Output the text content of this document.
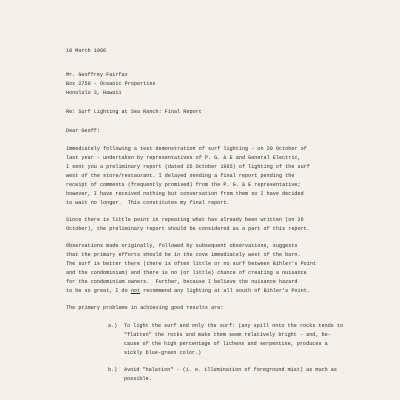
10 March 1966
Mr. Geoffrey Fairfax
Box 2750 - Oceanic Properties
Honolulu 3, Hawaii
Re: Surf Lighting at Sea Ranch: Final Report
Dear Geoff:
Immediately following a test demonstration of surf lighting - on 20 October of
last year - undertaken by representatives of P. G. & E and General Electric,
I sent you a preliminary report (dated 26 October 1965) of lighting of the surf
west of the store/restaurant. I delayed sending a final report pending the
receipt of comments (frequently promised) from the P. G. & E representative;
however, I have received nothing but conversation from them so I have decided
to wait no longer.  This constitutes my final report.
Since there is little point in repeating what has already been written (on 26
October), the preliminary report should be considered as a part of this report.
Observations made originally, followed by subsequent observations, suggests
that the primary efforts should be in the cove immediately west of the barn.
The surf is better there (there is often little or no surf between Bihler's Point
and the condominium) and there is no (or little) chance of creating a nuisance
for the condominium owners.  Further, because I believe the nuisance hazard
to be so great, I do not recommend any lighting at all south of Bihler's Point.
The primary problems in achieving good results are:
a.) To light the surf and only the surf: (any spill onto the rocks tends to
"flatten" the rocks and make them seem relatively bright - and, be-
cause of the high percentage of lichens and serpentine, produces a
sickly blue-green color.)
b.) Avoid "halation" - (i. e. illumination of foreground mist) as much as
possible.
